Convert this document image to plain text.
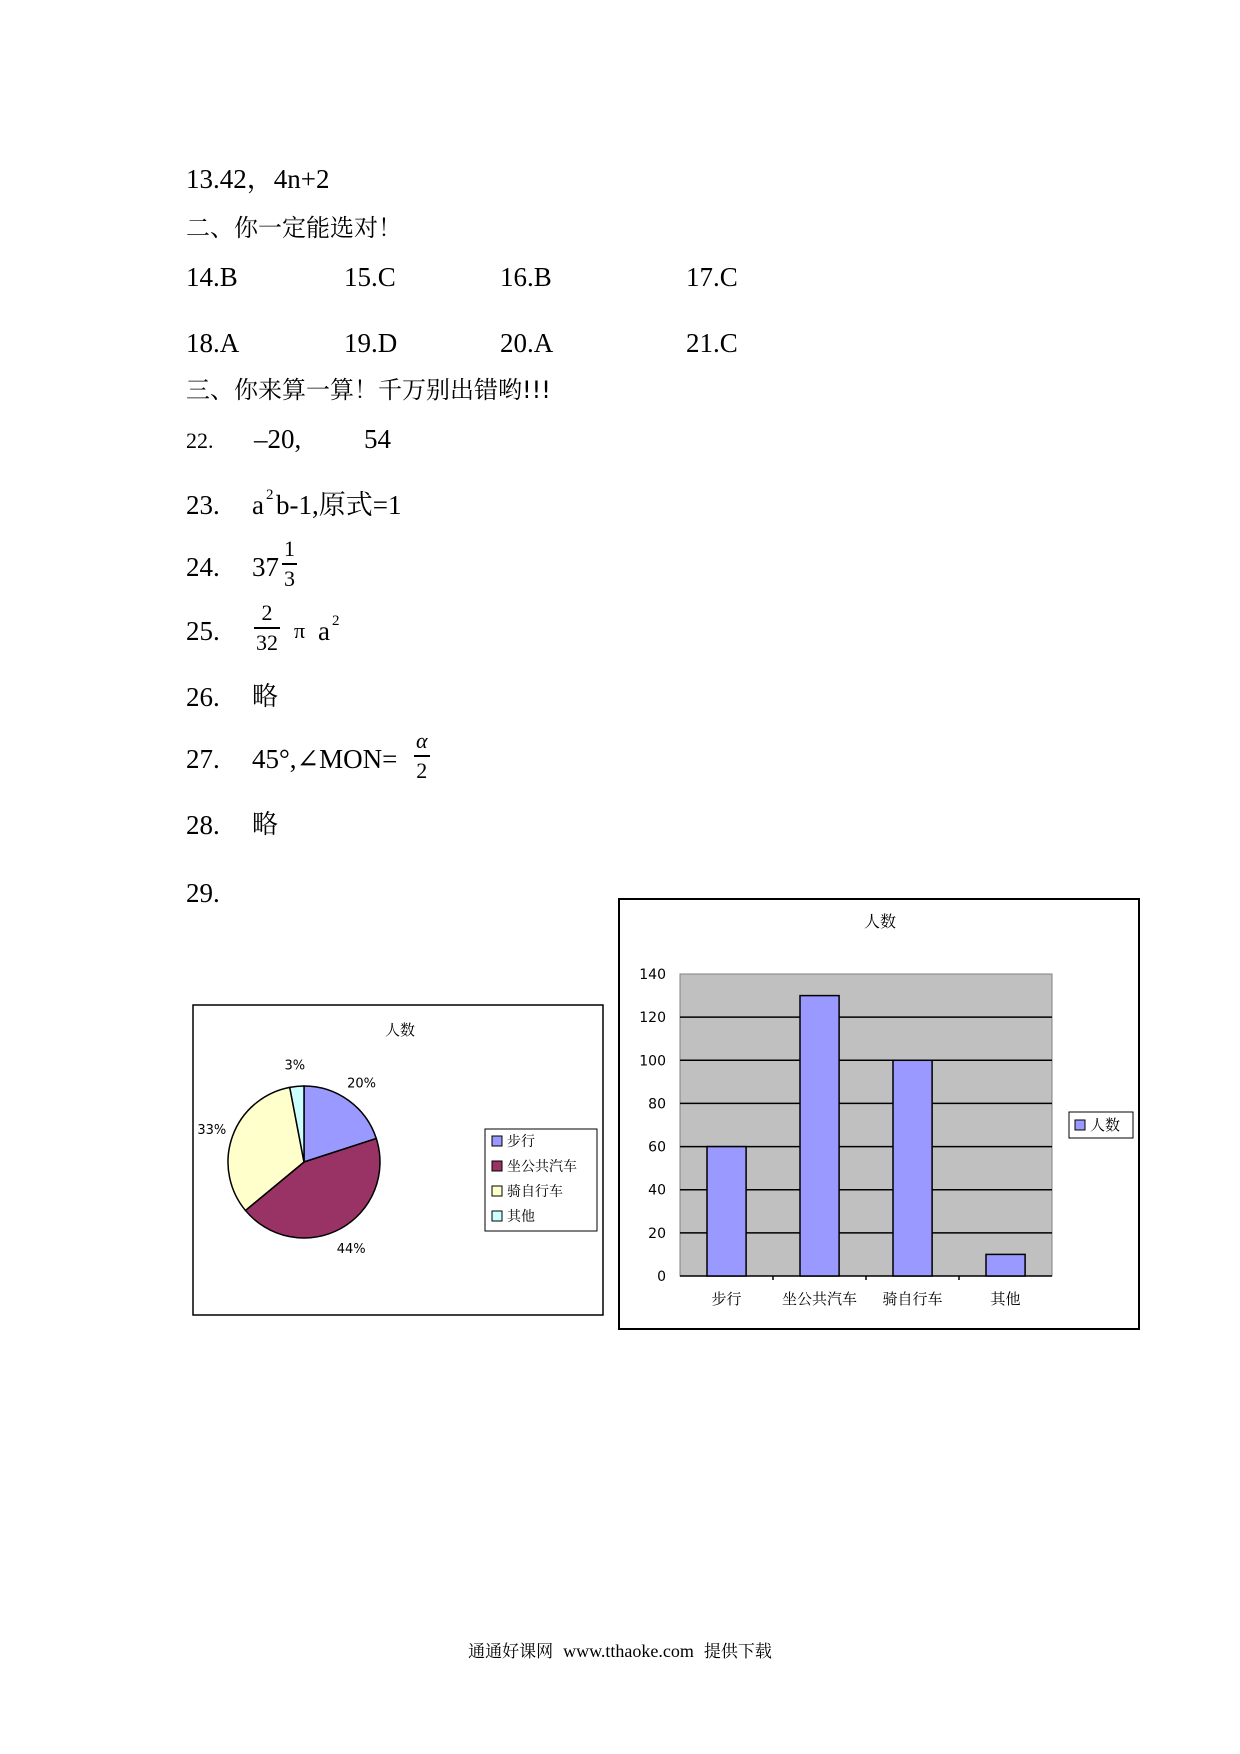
13.42，4n+2
二、你一定能选对！
14.B	15.C	16.B	17.C
18.A	19.D	20.A	21.C
三、你来算一算！千万别出错哟!!!
22. –20, 54
23. a 2 b-1,原式=1
24. 37
1
3
25.
2
32 π a 2
26. 略
27. 45°,∠MON=
α
2
28. 略
29.
人数
20%
44%
33%
3%
步行
坐公共汽车
骑自行车
其他
人数
0
20
40
60
80
100
120
140
步行	坐公共汽车 骑自行车	其他
人数
通通好课网 www.tthaoke.com 提供下载
